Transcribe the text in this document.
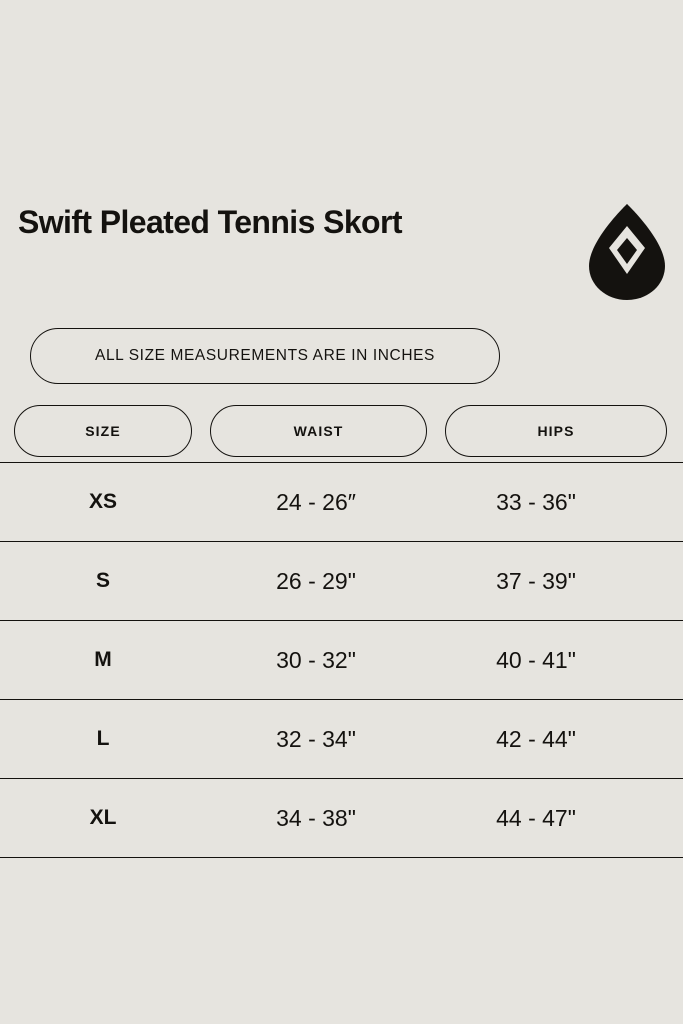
Swift Pleated Tennis Skort
ALL SIZE MEASUREMENTS ARE IN INCHES
SIZE	WAIST	HIPS
XS	24 - 26″	33 - 36"
S	26 - 29"	37 - 39"
M	30 - 32"	40 - 41"
L	32 - 34"	42 - 44"
XL	34 - 38"	44 - 47"
